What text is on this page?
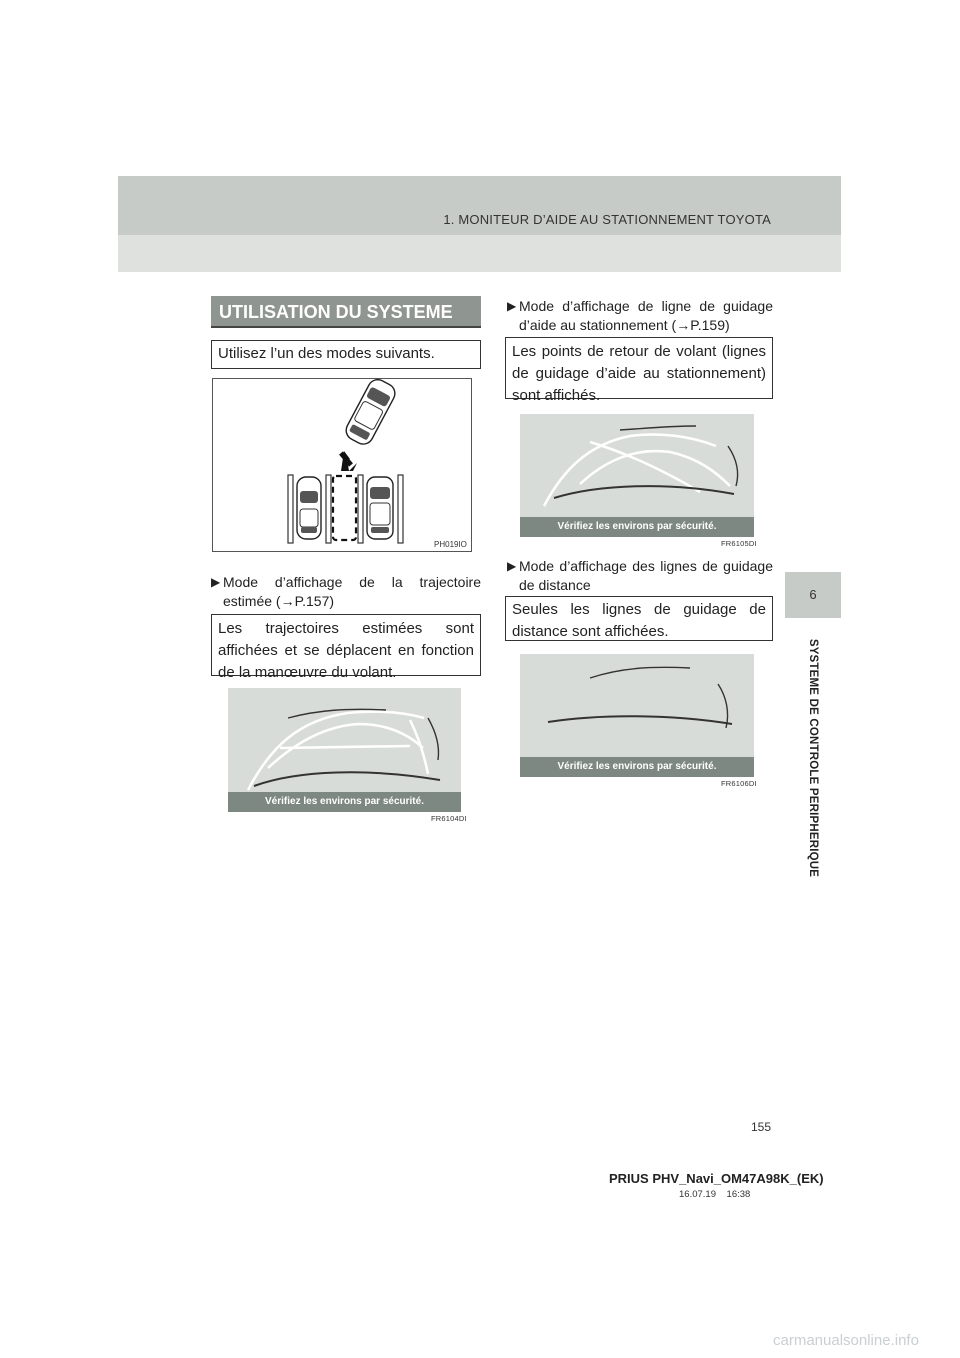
1. MONITEUR D’AIDE AU STATIONNEMENT TOYOTA
6
SYSTEME DE CONTROLE PERIPHERIQUE
UTILISATION DU SYSTEME
Utilisez l’un des modes suivants.
PH019IO
▶ Mode d’affichage de la trajectoire
estimée (→P.157)
Les trajectoires estimées sont affichées et se déplacent en fonction de la manœuvre du volant.
Vérifiez les environs par sécurité.
FR6104DI
▶ Mode d’affichage de ligne de guidage
d’aide au stationnement (→P.159)
Les points de retour de volant (lignes de guidage d’aide au stationnement) sont affichés.
Vérifiez les environs par sécurité.
FR6105DI
▶ Mode d’affichage des lignes de guidage
de distance
Seules les lignes de guidage de distance sont affichées.
Vérifiez les environs par sécurité.
FR6106DI
155
PRIUS PHV_Navi_OM47A98K_(EK)
16.07.19 16:38
carmanualsonline.info
